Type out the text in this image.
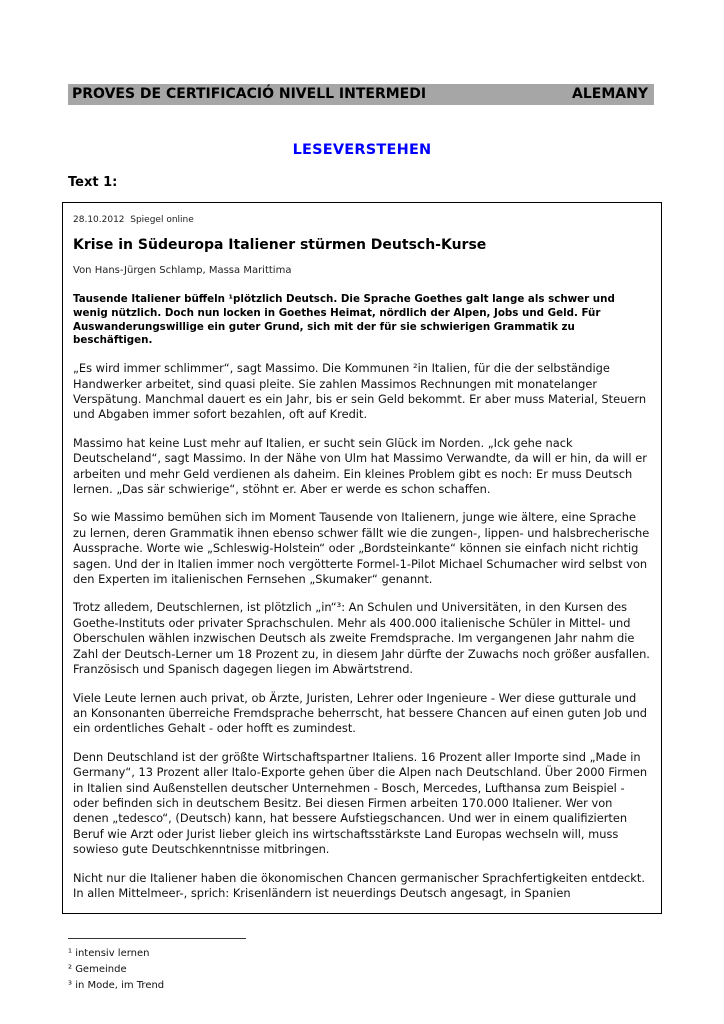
PROVES DE CERTIFICACIÓ NIVELL INTERMEDI	ALEMANY
LESEVERSTEHEN
Text 1:
28.10.2012  Spiegel online
Krise in Südeuropa Italiener stürmen Deutsch-Kurse
Von Hans-Jürgen Schlamp, Massa Marittima

Tausende Italiener büffeln ¹plötzlich Deutsch. Die Sprache Goethes galt lange als schwer und wenig nützlich. Doch nun locken in Goethes Heimat, nördlich der Alpen, Jobs und Geld. Für Auswanderungswillige ein guter Grund, sich mit der für sie schwierigen Grammatik zu beschäftigen.

„Es wird immer schlimmer“, sagt Massimo. Die Kommunen ²in Italien, für die der selbständige Handwerker arbeitet, sind quasi pleite. Sie zahlen Massimos Rechnungen mit monatelanger Verspätung. Manchmal dauert es ein Jahr, bis er sein Geld bekommt. Er aber muss Material, Steuern und Abgaben immer sofort bezahlen, oft auf Kredit.

Massimo hat keine Lust mehr auf Italien, er sucht sein Glück im Norden. „Ick gehe nack Deutscheland“, sagt Massimo. In der Nähe von Ulm hat Massimo Verwandte, da will er hin, da will er arbeiten und mehr Geld verdienen als daheim. Ein kleines Problem gibt es noch: Er muss Deutsch lernen. „Das sär schwierige“, stöhnt er. Aber er werde es schon schaffen.

So wie Massimo bemühen sich im Moment Tausende von Italienern, junge wie ältere, eine Sprache zu lernen, deren Grammatik ihnen ebenso schwer fällt wie die zungen-, lippen- und halsbrecherische Aussprache. Worte wie „Schleswig-Holstein“ oder „Bordsteinkante“ können sie einfach nicht richtig sagen. Und der in Italien immer noch vergötterte Formel-1-Pilot Michael Schumacher wird selbst von den Experten im italienischen Fernsehen „Skumaker“ genannt.

Trotz alledem, Deutschlernen, ist plötzlich „in“³: An Schulen und Universitäten, in den Kursen des Goethe-Instituts oder privater Sprachschulen. Mehr als 400.000 italienische Schüler in Mittel- und Oberschulen wählen inzwischen Deutsch als zweite Fremdsprache. Im vergangenen Jahr nahm die Zahl der Deutsch-Lerner um 18 Prozent zu, in diesem Jahr dürfte der Zuwachs noch größer ausfallen. Französisch und Spanisch dagegen liegen im Abwärtstrend.

Viele Leute lernen auch privat, ob Ärzte, Juristen, Lehrer oder Ingenieure - Wer diese gutturale und an Konsonanten überreiche Fremdsprache beherrscht, hat bessere Chancen auf einen guten Job und ein ordentliches Gehalt - oder hofft es zumindest.

Denn Deutschland ist der größte Wirtschaftspartner Italiens. 16 Prozent aller Importe sind „Made in Germany“, 13 Prozent aller Italo-Exporte gehen über die Alpen nach Deutschland. Über 2000 Firmen in Italien sind Außenstellen deutscher Unternehmen - Bosch, Mercedes, Lufthansa zum Beispiel - oder befinden sich in deutschem Besitz. Bei diesen Firmen arbeiten 170.000 Italiener. Wer von denen „tedesco“, (Deutsch) kann, hat bessere Aufstiegschancen. Und wer in einem qualifizierten Beruf wie Arzt oder Jurist lieber gleich ins wirtschaftsstärkste Land Europas wechseln will, muss sowieso gute Deutschkenntnisse mitbringen.

Nicht nur die Italiener haben die ökonomischen Chancen germanischer Sprachfertigkeiten entdeckt. In allen Mittelmeer-, sprich: Krisenländern ist neuerdings Deutsch angesagt, in Spanien

¹ intensiv lernen
² Gemeinde
³ in Mode, im Trend
